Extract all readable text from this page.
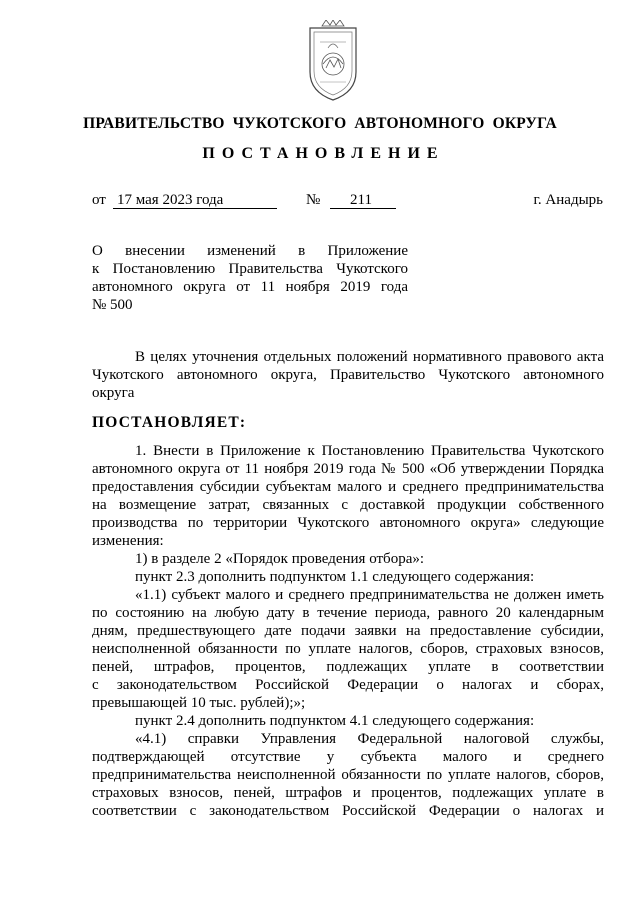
ПРАВИТЕЛЬСТВО ЧУКОТСКОГО АВТОНОМНОГО ОКРУГА
ПОСТАНОВЛЕНИЕ
от 17 мая 2023 года	№	211	г. Анадырь

О внесении изменений в Приложение

к Постановлению Правительства Чукотского

автономного округа от 11 ноября 2019 года

№ 500

В целях уточнения отдельных положений нормативного правового акта

Чукотского автономного округа, Правительство Чукотского автономного

округа

ПОСТАНОВЛЯЕТ:

1. Внести в Приложение к Постановлению Правительства Чукотского

автономного округа от 11 ноября 2019 года № 500 «Об утверждении Порядка

предоставления субсидии субъектам малого и среднего предпринимательства

на возмещение затрат, связанных с доставкой продукции собственного

производства по территории Чукотского автономного округа» следующие

изменения:

1) в разделе 2 «Порядок проведения отбора»:

пункт 2.3 дополнить подпунктом 1.1 следующего содержания:

«1.1) субъект малого и среднего предпринимательства не должен иметь

по состоянию на любую дату в течение периода, равного 20 календарным

дням, предшествующего дате подачи заявки на предоставление субсидии,

неисполненной обязанности по уплате налогов, сборов, страховых взносов,

пеней, штрафов, процентов, подлежащих уплате в соответствии

с законодательством Российской Федерации о налогах и сборах,

превышающей 10 тыс. рублей);»;

пункт 2.4 дополнить подпунктом 4.1 следующего содержания:

«4.1) справки Управления Федеральной налоговой службы,

подтверждающей отсутствие у субъекта малого и среднего

предпринимательства неисполненной обязанности по уплате налогов, сборов,

страховых взносов, пеней, штрафов и процентов, подлежащих уплате в

соответствии с законодательством Российской Федерации о налогах и
